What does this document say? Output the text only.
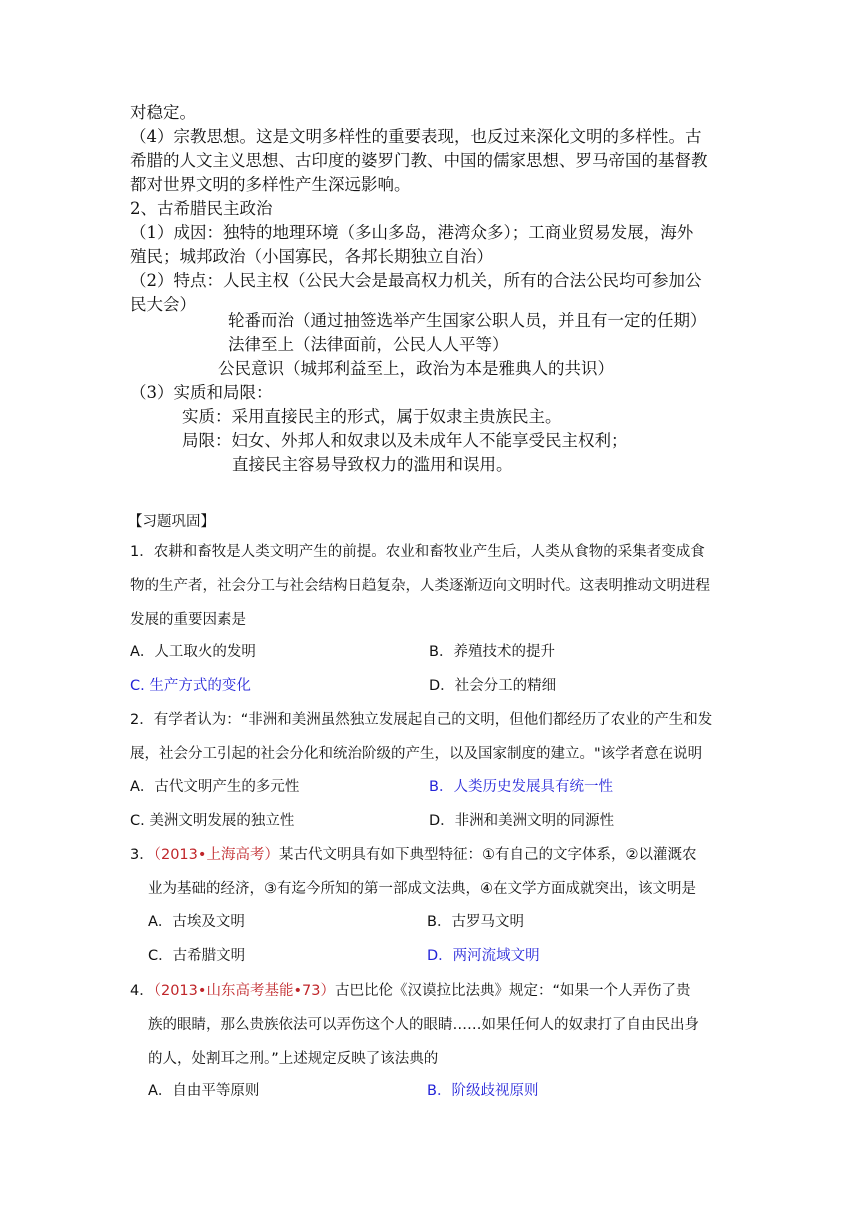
对稳定。
（4）宗教思想。这是文明多样性的重要表现，也反过来深化文明的多样性。古
希腊的人文主义思想、古印度的婆罗门教、中国的儒家思想、罗马帝国的基督教
都对世界文明的多样性产生深远影响。
2、古希腊民主政治
（1）成因：独特的地理环境（多山多岛，港湾众多）；工商业贸易发展，海外
殖民；城邦政治（小国寡民，各邦长期独立自治）
（2）特点：人民主权（公民大会是最高权力机关，所有的合法公民均可参加公
民大会）
轮番而治（通过抽签选举产生国家公职人员，并且有一定的任期）
法律至上（法律面前，公民人人平等）
公民意识（城邦利益至上，政治为本是雅典人的共识）
（3）实质和局限：
实质：采用直接民主的形式，属于奴隶主贵族民主。
局限：妇女、外邦人和奴隶以及未成年人不能享受民主权利；
直接民主容易导致权力的滥用和误用。
【习题巩固】
1．农耕和畜牧是人类文明产生的前提。农业和畜牧业产生后，人类从食物的采集者变成食
物的生产者，社会分工与社会结构日趋复杂，人类逐渐迈向文明时代。这表明推动文明进程
发展的重要因素是
A．人工取火的发明	B．养殖技术的提升
C. 生产方式的变化	D．社会分工的精细
2．有学者认为：“非洲和美洲虽然独立发展起自己的文明，但他们都经历了农业的产生和发
展，社会分工引起的社会分化和统治阶级的产生，以及国家制度的建立。"该学者意在说明
A．古代文明产生的多元性	B．人类历史发展具有统一性
C. 美洲文明发展的独立性	D．非洲和美洲文明的同源性
3．（2013•上海高考）某古代文明具有如下典型特征：①有自己的文字体系，②以灌溉农
业为基础的经济，③有迄今所知的第一部成文法典，④在文学方面成就突出，该文明是
A．古埃及文明	B．古罗马文明
C．古希腊文明	D．两河流域文明
4．（2013•山东高考基能•73）古巴比伦《汉谟拉比法典》规定：“如果一个人弄伤了贵
族的眼睛，那么贵族依法可以弄伤这个人的眼睛……如果任何人的奴隶打了自由民出身
的人，处割耳之刑。”上述规定反映了该法典的
A．自由平等原则	B．阶级歧视原则
